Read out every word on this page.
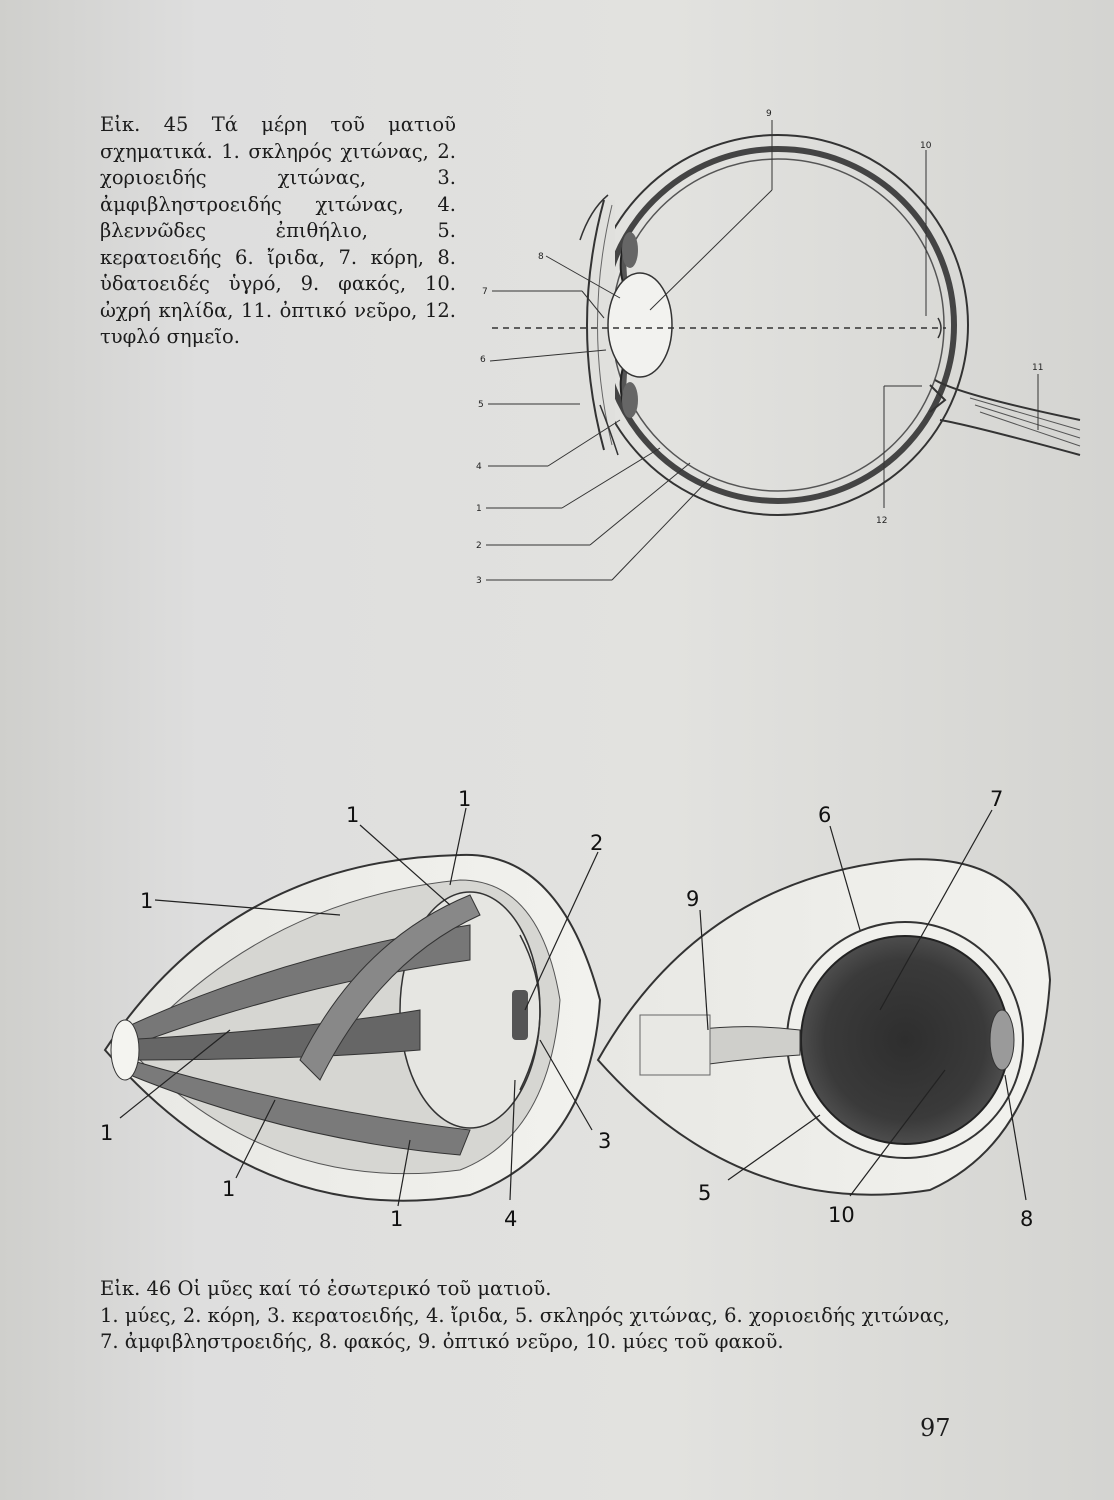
Εἰκ. 45 Τά μέρη τοῦ ματιοῦ σχηματικά. 1. σκληρός χιτώνας, 2. χοριοειδής χιτώνας, 3. ἀμφιβληστροειδής χιτώνας, 4. βλεννῶδες ἐπιθήλιο, 5. κερατοειδής 6. ἴριδα, 7. κόρη, 8. ὑδατοειδές ὑγρό, 9. φακός, 10. ὠχρή κηλίδα, 11. ὀπτικό νεῦρο, 12. τυφλό σημεῖο.

9
10
8
7
6
5
4
1
2
3
11
12
1
1
1
2
3
1
1
1	4
6
7
9
5
10	8

Εἰκ. 46 Οἱ μῦες καί τό ἐσωτερικό τοῦ ματιοῦ.
1. μύες, 2. κόρη, 3. κερατοειδής, 4. ἴριδα, 5. σκληρός χιτώνας, 6. χοριοειδής χιτώνας, 7. ἀμφιβληστροειδής, 8. φακός, 9. ὀπτικό νεῦρο, 10. μύες τοῦ φακοῦ.

97
